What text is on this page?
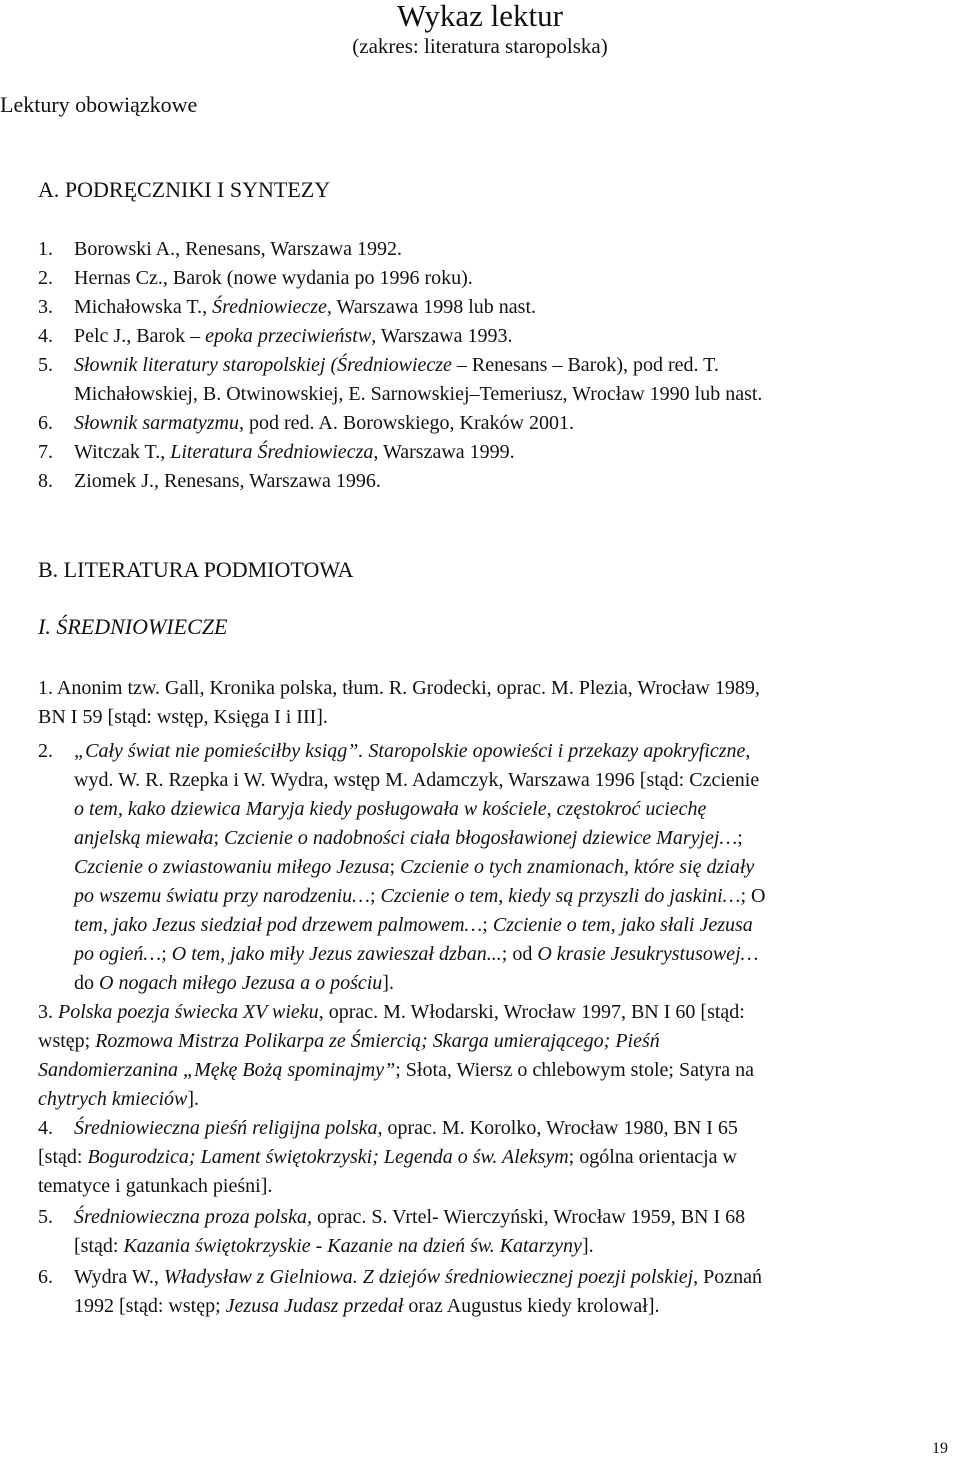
Wykaz lektur
(zakres: literatura staropolska)
Lektury obowiązkowe
A. PODRĘCZNIKI I SYNTEZY
1. Borowski A., Renesans, Warszawa 1992.
2. Hernas Cz., Barok (nowe wydania po 1996 roku).
3. Michałowska T., Średniowiecze, Warszawa 1998 lub nast.
4. Pelc J., Barok – epoka przeciwieństw, Warszawa 1993.
5. Słownik literatury staropolskiej (Średniowiecze – Renesans – Barok), pod red. T.
Michałowskiej, B. Otwinowskiej, E. Sarnowskiej–Temeriusz, Wrocław 1990 lub nast.
6. Słownik sarmatyzmu, pod red. A. Borowskiego, Kraków 2001.
7. Witczak T., Literatura Średniowiecza, Warszawa 1999.
8. Ziomek J., Renesans, Warszawa 1996.
B. LITERATURA PODMIOTOWA
I. ŚREDNIOWIECZE
1. Anonim tzw. Gall, Kronika polska, tłum. R. Grodecki, oprac. M. Plezia, Wrocław 1989,
BN I 59 [stąd: wstęp, Księga I i III].
2. „Cały świat nie pomieściłby ksiąg”. Staropolskie opowieści i przekazy apokryficzne,
wyd. W. R. Rzepka i W. Wydra, wstęp M. Adamczyk, Warszawa 1996 [stąd: Czcienie
o tem, kako dziewica Maryja kiedy posługowała w kościele, częstokroć uciechę
anjelską miewała; Czcienie o nadobności ciała błogosławionej dziewice Maryjej…;
Czcienie o zwiastowaniu miłego Jezusa; Czcienie o tych znamionach, które się działy
po wszemu światu przy narodzeniu…; Czcienie o tem, kiedy są przyszli do jaskini…; O
tem, jako Jezus siedział pod drzewem palmowem…; Czcienie o tem, jako słali Jezusa
po ogień…; O tem, jako miły Jezus zawieszał dzban...; od O krasie Jesukrystusowej…
do O nogach miłego Jezusa a o pościu].
3. Polska poezja świecka XV wieku, oprac. M. Włodarski, Wrocław 1997, BN I 60 [stąd:
wstęp; Rozmowa Mistrza Polikarpa ze Śmiercią; Skarga umierającego; Pieśń
Sandomierzanina „Mękę Bożą spominajmy”; Słota, Wiersz o chlebowym stole; Satyra na
chytrych kmieciów].
4. Średniowieczna pieśń religijna polska, oprac. M. Korolko, Wrocław 1980, BN I 65
[stąd: Bogurodzica; Lament świętokrzyski; Legenda o św. Aleksym; ogólna orientacja w
tematyce i gatunkach pieśni].
5. Średniowieczna proza polska, oprac. S. Vrtel- Wierczyński, Wrocław 1959, BN I 68
[stąd: Kazania świętokrzyskie - Kazanie na dzień św. Katarzyny].
6. Wydra W., Władysław z Gielniowa. Z dziejów średniowiecznej poezji polskiej, Poznań
1992 [stąd: wstęp; Jezusa Judasz przedał oraz Augustus kiedy krolował].
19
